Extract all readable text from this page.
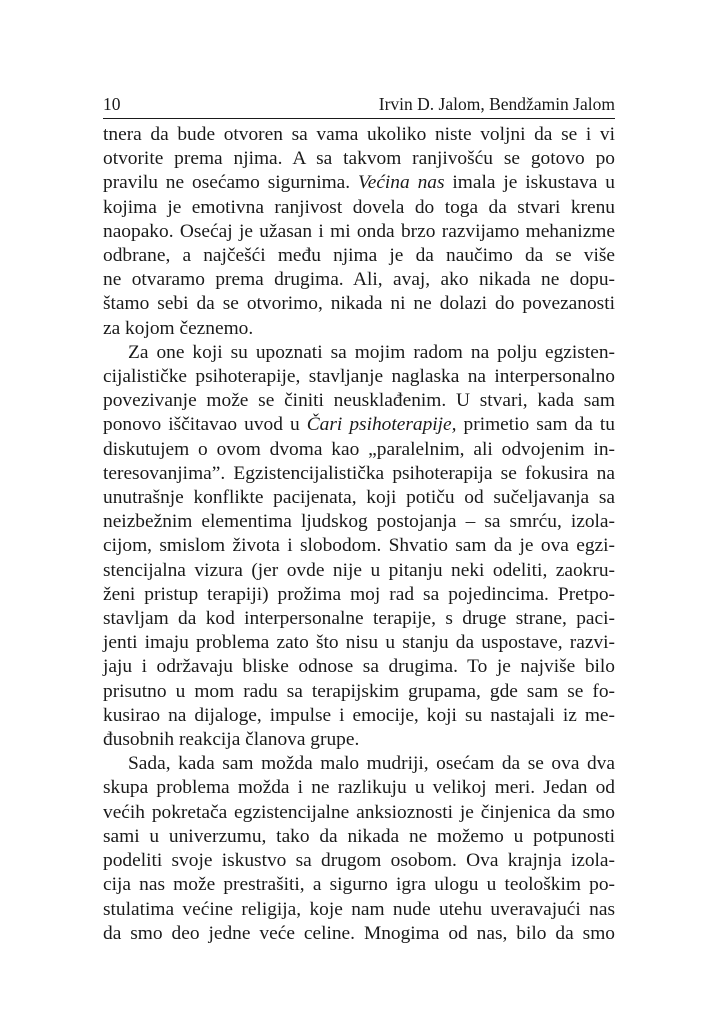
10	Irvin D. Jalom, Bendžamin Jalom
tnera da bude otvoren sa vama ukoliko niste voljni da se i vi
otvorite prema njima. A sa takvom ranjivošću se gotovo po
pravilu ne osećamo sigurnima. Većina nas imala je iskustava u
kojima je emotivna ranjivost dovela do toga da stvari krenu
naopako. Osećaj je užasan i mi onda brzo razvijamo mehanizme
odbrane, a najčešći među njima je da naučimo da se više
ne otvaramo prema drugima. Ali, avaj, ako nikada ne dopu-
štamo sebi da se otvorimo, nikada ni ne dolazi do povezanosti
za kojom čeznemo.
Za one koji su upoznati sa mojim radom na polju egzisten-
cijalističke psihoterapije, stavljanje naglaska na interpersonalno
povezivanje može se činiti neusklađenim. U stvari, kada sam
ponovo iščitavao uvod u Čari psihoterapije, primetio sam da tu
diskutujem o ovom dvoma kao „paralelnim, ali odvojenim in-
teresovanjima”. Egzistencijalistička psihoterapija se fokusira na
unutrašnje konflikte pacijenata, koji potiču od sučeljavanja sa
neizbežnim elementima ljudskog postojanja – sa smrću, izola-
cijom, smislom života i slobodom. Shvatio sam da je ova egzi-
stencijalna vizura (jer ovde nije u pitanju neki odeliti, zaokru-
ženi pristup terapiji) prožima moj rad sa pojedincima. Pretpo-
stavljam da kod interpersonalne terapije, s druge strane, paci-
jenti imaju problema zato što nisu u stanju da uspostave, razvi-
jaju i održavaju bliske odnose sa drugima. To je najviše bilo
prisutno u mom radu sa terapijskim grupama, gde sam se fo-
kusirao na dijaloge, impulse i emocije, koji su nastajali iz me-
đusobnih reakcija članova grupe.
Sada, kada sam možda malo mudriji, osećam da se ova dva
skupa problema možda i ne razlikuju u velikoj meri. Jedan od
većih pokretača egzistencijalne anksioznosti je činjenica da smo
sami u univerzumu, tako da nikada ne možemo u potpunosti
podeliti svoje iskustvo sa drugom osobom. Ova krajnja izola-
cija nas može prestrašiti, a sigurno igra ulogu u teološkim po-
stulatima većine religija, koje nam nude utehu uveravajući nas
da smo deo jedne veće celine. Mnogima od nas, bilo da smo
